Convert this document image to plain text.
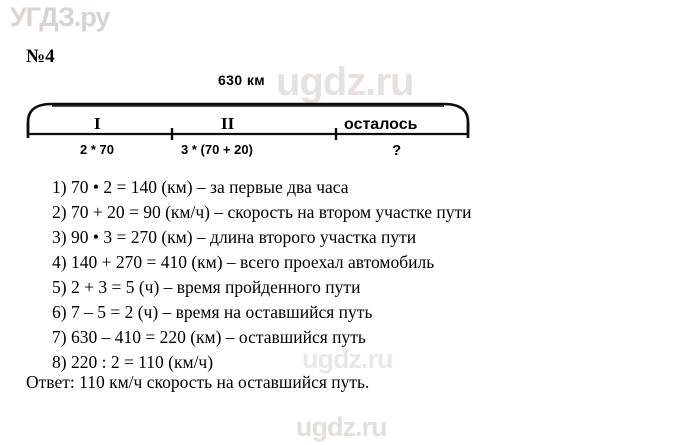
УГДЗ.ру
ugdz.ru
ugdz.ru
ugdz.ru
№4
630 км
I	II	осталось
2 * 70	3 * (70 + 20)	?
1) 70 • 2 = 140 (км) – за первые два часа
2) 70 + 20 = 90 (км/ч) – скорость на втором участке пути
3) 90 • 3 = 270 (км) – длина второго участка пути
4) 140 + 270 = 410 (км) – всего проехал автомобиль
5) 2 + 3 = 5 (ч) – время пройденного пути
6) 7 – 5 = 2 (ч) – время на оставшийся путь
7) 630 – 410 = 220 (км) – оставшийся путь
8) 220 : 2 = 110 (км/ч)
Ответ: 110 км/ч скорость на оставшийся путь.
